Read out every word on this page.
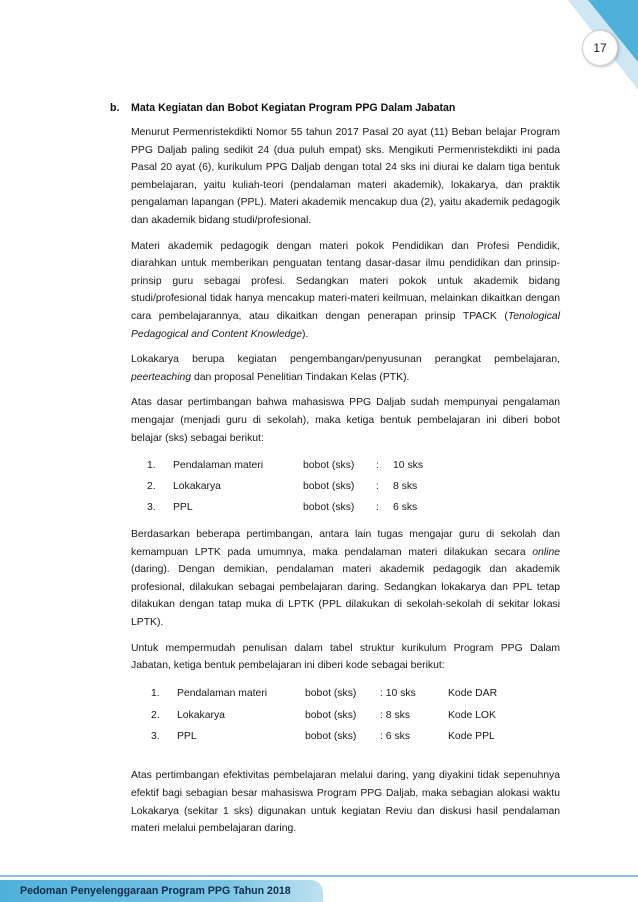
17
b. Mata Kegiatan dan Bobot Kegiatan Program PPG Dalam Jabatan

Menurut Permenristekdikti Nomor 55 tahun 2017 Pasal 20 ayat (11) Beban belajar Program PPG Daljab paling sedikit 24 (dua puluh empat) sks. Mengikuti Permenristekdikti ini pada Pasal 20 ayat (6), kurikulum PPG Daljab dengan total 24 sks ini diurai ke dalam tiga bentuk pembelajaran, yaitu kuliah-teori (pendalaman materi akademik), lokakarya, dan praktik pengalaman lapangan (PPL). Materi akademik mencakup dua (2), yaitu akademik pedagogik dan akademik bidang studi/profesional.

Materi akademik pedagogik dengan materi pokok Pendidikan dan Profesi Pendidik, diarahkan untuk memberikan penguatan tentang dasar-dasar ilmu pendidikan dan prinsip-prinsip guru sebagai profesi. Sedangkan materi pokok untuk akademik bidang studi/profesional tidak hanya mencakup materi-materi keilmuan, melainkan dikaitkan dengan cara pembelajarannya, atau dikaitkan dengan penerapan prinsip TPACK (Tenological Pedagogical and Content Knowledge).

Lokakarya berupa kegiatan pengembangan/penyusunan perangkat pembelajaran, peerteaching dan proposal Penelitian Tindakan Kelas (PTK).

Atas dasar pertimbangan bahwa mahasiswa PPG Daljab sudah mempunyai pengalaman mengajar (menjadi guru di sekolah), maka ketiga bentuk pembelajaran ini diberi bobot belajar (sks) sebagai berikut:

1.	Pendalaman materi	bobot (sks)	:	10 sks
2.	Lokakarya	bobot (sks)	:	8 sks
3.	PPL	bobot (sks)	:	6 sks

Berdasarkan beberapa pertimbangan, antara lain tugas mengajar guru di sekolah dan kemampuan LPTK pada umumnya, maka pendalaman materi dilakukan secara online (daring). Dengan demikian, pendalaman materi akademik pedagogik dan akademik profesional, dilakukan sebagai pembelajaran daring. Sedangkan lokakarya dan PPL tetap dilakukan dengan tatap muka di LPTK (PPL dilakukan di sekolah-sekolah di sekitar lokasi LPTK).

Untuk mempermudah penulisan dalam tabel struktur kurikulum Program PPG Dalam Jabatan, ketiga bentuk pembelajaran ini diberi kode sebagai berikut:

1.	Pendalaman materi	bobot (sks)	: 10 sks	Kode DAR
2.	Lokakarya	bobot (sks)	: 8 sks	Kode LOK
3.	PPL	bobot (sks)	: 6 sks	Kode PPL

Atas pertimbangan efektivitas pembelajaran melalui daring, yang diyakini tidak sepenuhnya efektif bagi sebagian besar mahasiswa Program PPG Daljab, maka sebagian alokasi waktu Lokakarya (sekitar 1 sks) digunakan untuk kegiatan Reviu dan diskusi hasil pendalaman materi melalui pembelajaran daring.

Pedoman Penyelenggaraan Program PPG Tahun 2018
